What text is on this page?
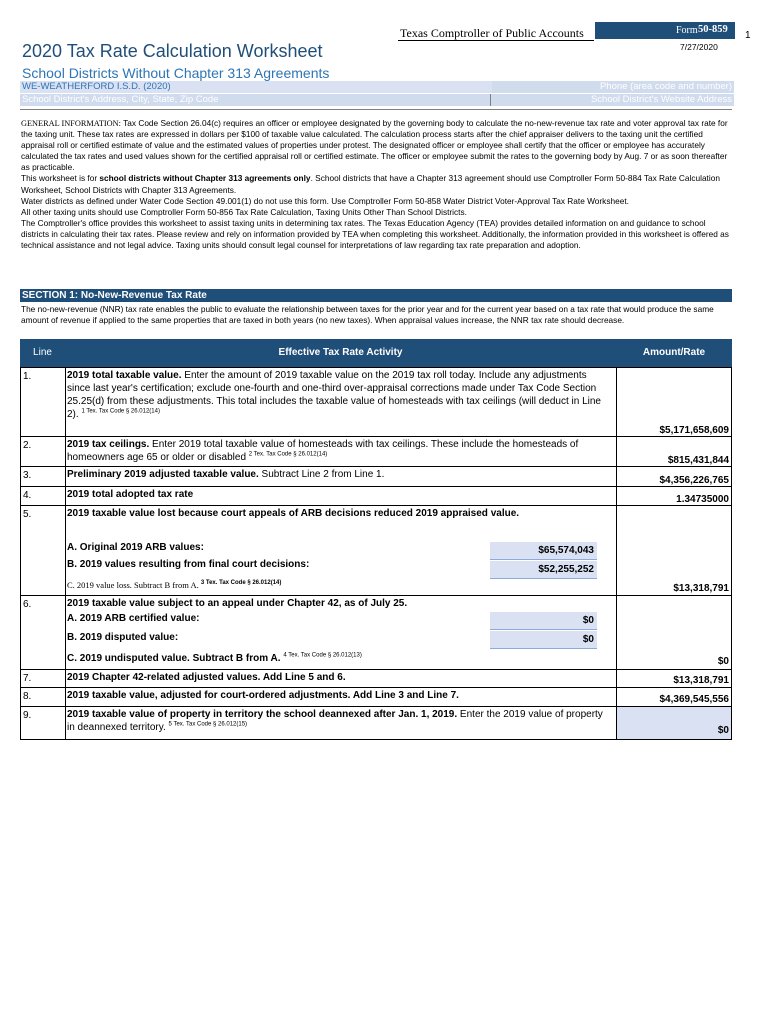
Texas Comptroller of Public Accounts	Form 50-859
1
7/27/2020
2020 Tax Rate Calculation Worksheet
School Districts Without Chapter 313 Agreements
WE-WEATHERFORD I.S.D. (2020)	Phone (area code and number)
School District's Address, City, State, Zip Code	School District's Website Address

GENERAL INFORMATION: Tax Code Section 26.04(c) requires an officer or employee designated by the governing body to calculate the no-new-revenue tax rate and voter approval tax rate for the taxing unit. These tax rates are expressed in dollars per $100 of taxable value calculated. The calculation process starts after the chief appraiser delivers to the taxing unit the certified appraisal roll or certified estimate of value and the estimated values of properties under protest. The designated officer or employee shall certify that the officer or employee has accurately calculated the tax rates and used values shown for the certified appraisal roll or certified estimate. The officer or employee submit the rates to the governing body by Aug. 7 or as soon thereafter as practicable.

This worksheet is for school districts without Chapter 313 agreements only. School districts that have a Chapter 313 agreement should use Comptroller Form 50-884 Tax Rate Calculation Worksheet, School Districts with Chapter 313 Agreements.

Water districts as defined under Water Code Section 49.001(1) do not use this form. Use Comptroller Form 50-858 Water District Voter-Approval Tax Rate Worksheet.

All other taxing units should use Comptroller Form 50-856 Tax Rate Calculation, Taxing Units Other Than School Districts.

The Comptroller's office provides this worksheet to assist taxing units in determining tax rates. The Texas Education Agency (TEA) provides detailed information on and guidance to school districts in calculating their tax rates. Please review and rely on information provided by TEA when completing this worksheet. Additionally, the information provided in this worksheet is offered as technical assistance and not legal advice. Taxing units should consult legal counsel for interpretations of law regarding tax rate preparation and adoption.

SECTION 1: No-New-Revenue Tax Rate
The no-new-revenue (NNR) tax rate enables the public to evaluate the relationship between taxes for the prior year and for the current year based on a tax rate that would produce the same amount of revenue if applied to the same properties that are taxed in both years (no new taxes). When appraisal values increase, the NNR tax rate should decrease.
Line	Effective Tax Rate Activity	Amount/Rate
1.	2019 total taxable value. Enter the amount of 2019 taxable value on the 2019 tax roll today. Include any adjustments since last year's certification; exclude one-fourth and one-third over-appraisal corrections made under Tax Code Section 25.25(d) from these adjustments. This total includes the taxable value of homesteads with tax ceilings (will deduct in Line 2). $^{1 Tex. Tax Code \S 26.012(14)}$
$5,171,658,609
2.	2019 tax ceilings. Enter 2019 total taxable value of homesteads with tax ceilings. These include the homesteads of homeowners age 65 or older or disabled $^{2 Tex. Tax Code \S 26.012(14)}$
$815,431,844
3.	Preliminary 2019 adjusted taxable value. Subtract Line 2 from Line 1.
$4,356,226,765
4.	2019 total adopted tax rate	1.34735000
5.	2019 taxable value lost because court appeals of ARB decisions reduced 2019 appraised value.
A. Original 2019 ARB values:	$65,574,043
B. 2019 values resulting from final court decisions:	$52,255,252
C. 2019 value loss. Subtract B from A. $^{3 Tex. Tax Code \S 26.012(14)}$	$13,318,791
6.	2019 taxable value subject to an appeal under Chapter 42, as of July 25.
A. 2019 ARB certified value:	$0
B. 2019 disputed value:	$0
C. 2019 undisputed value. Subtract B from A. $^{4 Tex. Tax Code \S 26.012(13)}$
$0
7.	2019 Chapter 42-related adjusted values. Add Line 5 and 6.	$13,318,791
8.	2019 taxable value, adjusted for court-ordered adjustments. Add Line 3 and Line 7.	$4,369,545,556
9.	2019 taxable value of property in territory the school deannexed after Jan. 1, 2019. Enter the 2019 value of property in deannexed territory. $^{5 Tex. Tax Code \S 26.012(15)}$
$0
